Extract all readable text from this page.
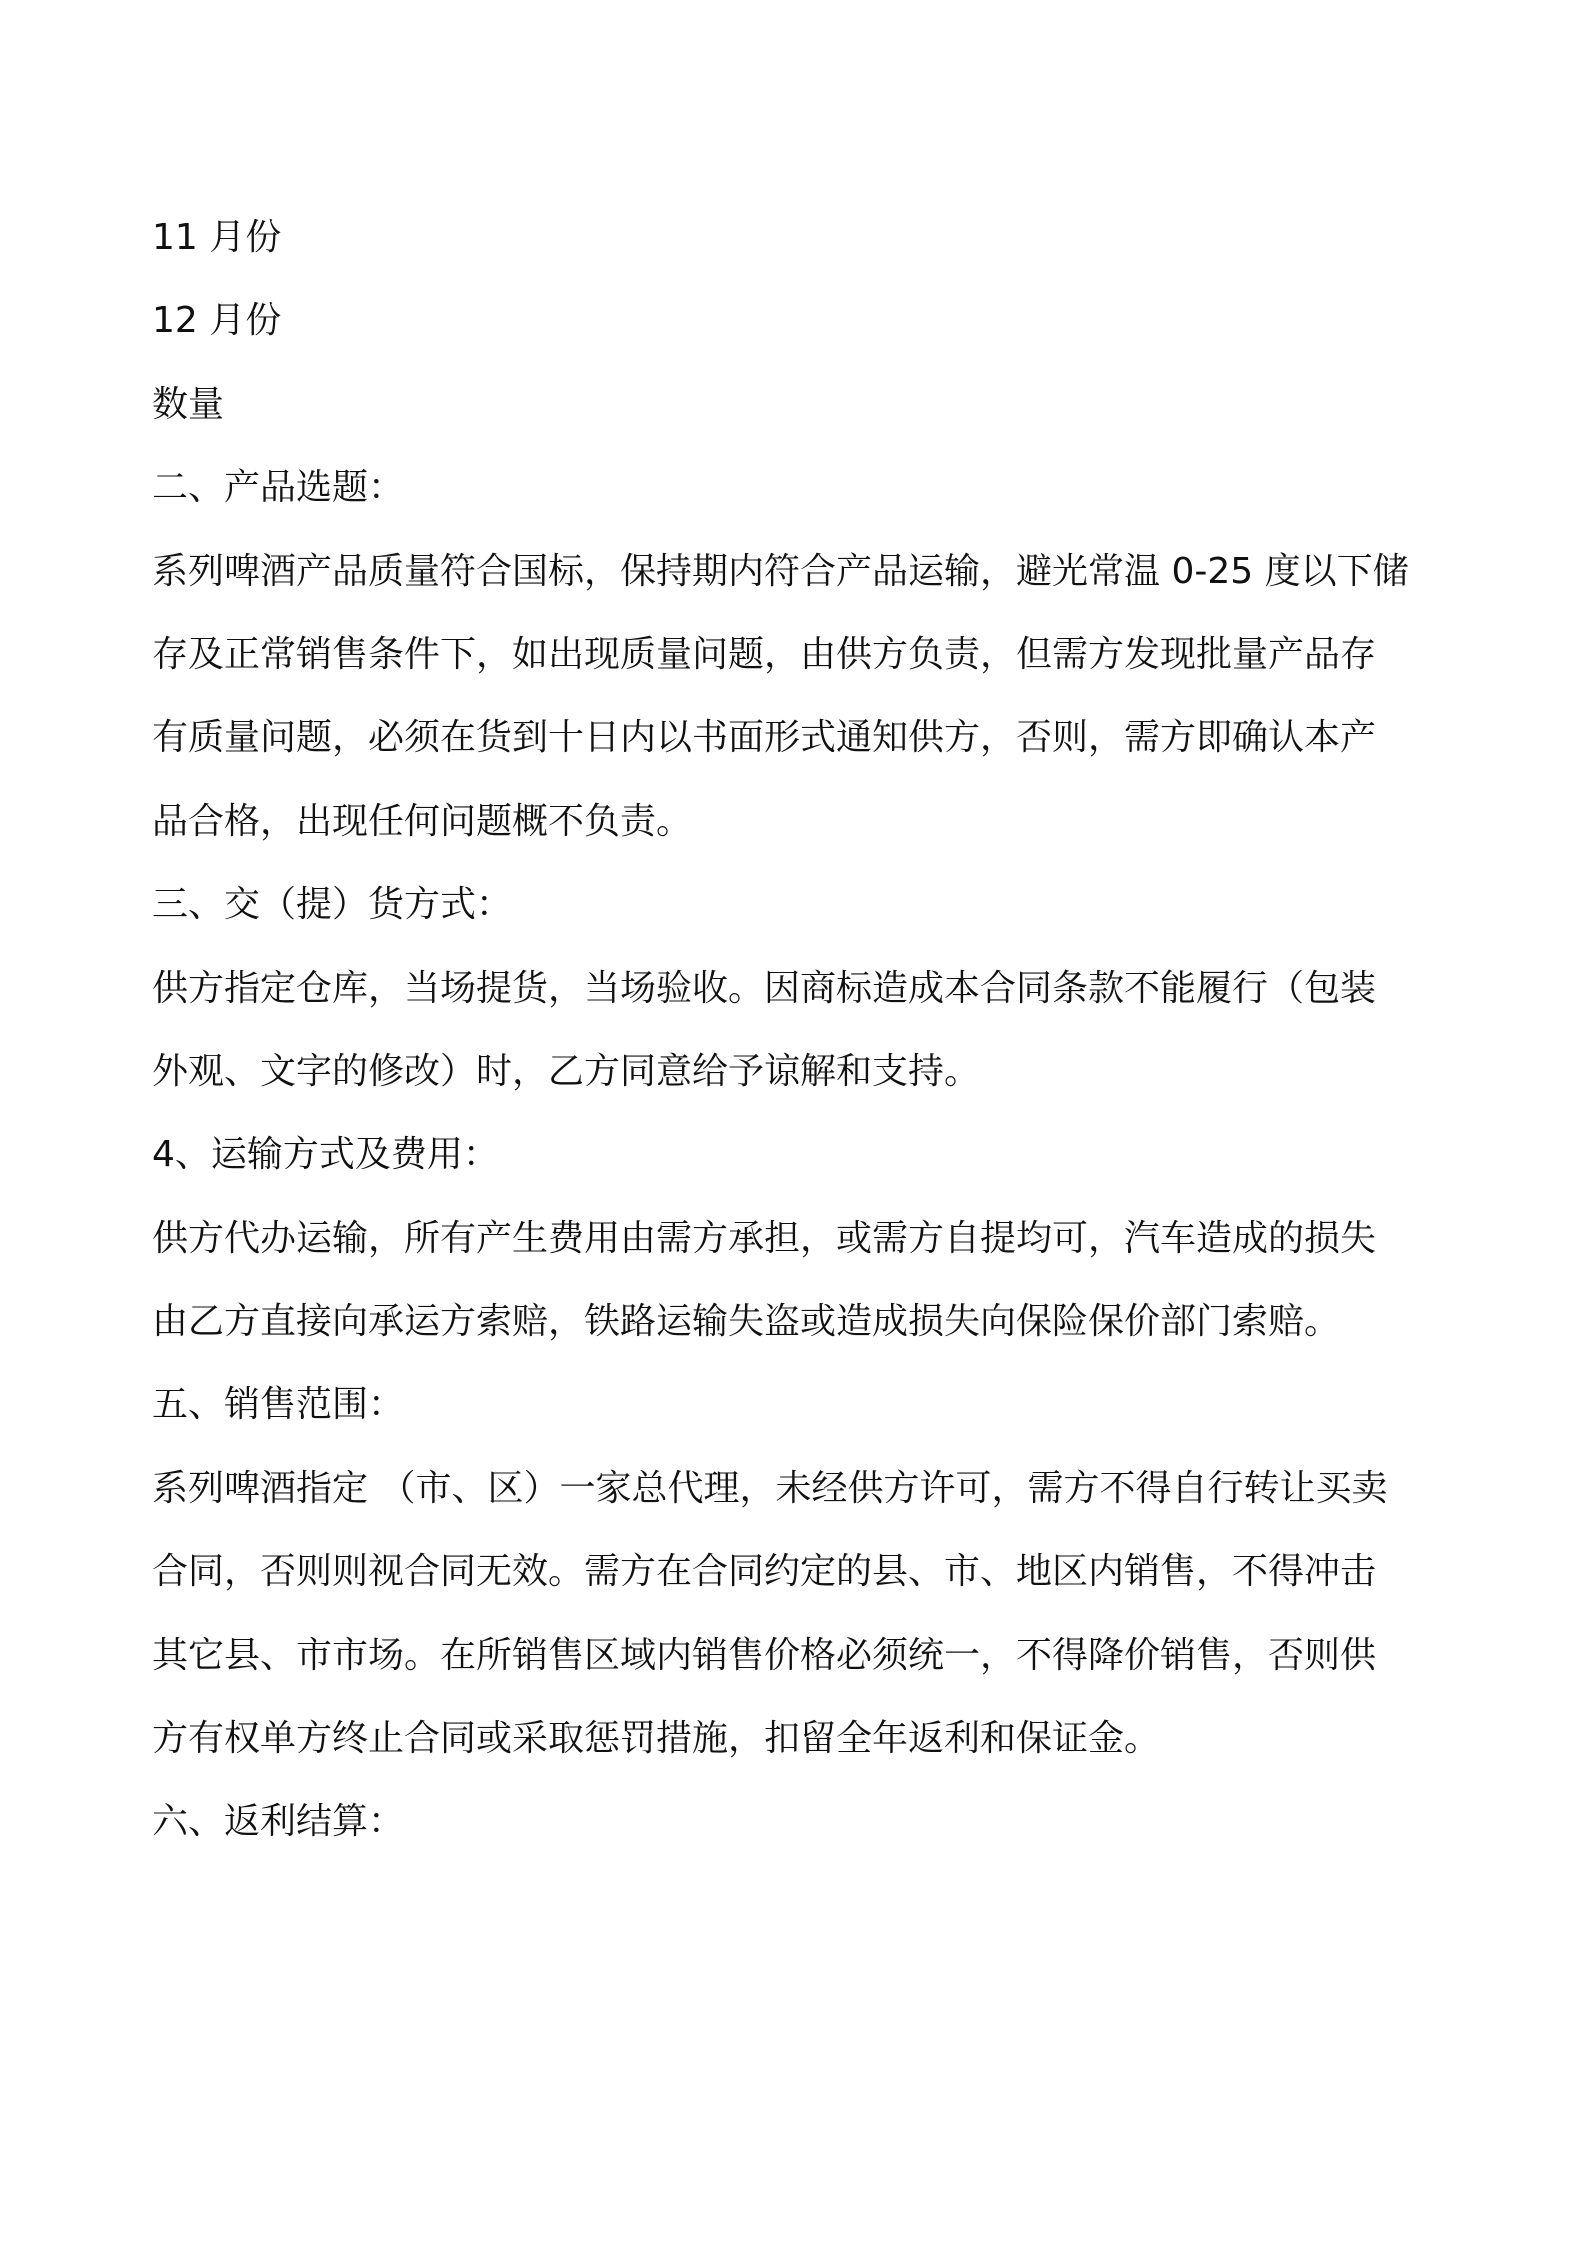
11 月份
12 月份
数量
二、产品选题：
系列啤酒产品质量符合国标，保持期内符合产品运输，避光常温 0-25 度以下储
存及正常销售条件下，如出现质量问题，由供方负责，但需方发现批量产品存
有质量问题，必须在货到十日内以书面形式通知供方，否则，需方即确认本产
品合格，出现任何问题概不负责。
三、交（提）货方式：
供方指定仓库，当场提货，当场验收。因商标造成本合同条款不能履行（包装
外观、文字的修改）时，乙方同意给予谅解和支持。
4、运输方式及费用：
供方代办运输，所有产生费用由需方承担，或需方自提均可，汽车造成的损失
由乙方直接向承运方索赔，铁路运输失盗或造成损失向保险保价部门索赔。
五、销售范围：
系列啤酒指定 （市、区）一家总代理，未经供方许可，需方不得自行转让买卖
合同，否则则视合同无效。需方在合同约定的县、市、地区内销售，不得冲击
其它县、市市场。在所销售区域内销售价格必须统一，不得降价销售，否则供
方有权单方终止合同或采取惩罚措施，扣留全年返利和保证金。
六、返利结算：
